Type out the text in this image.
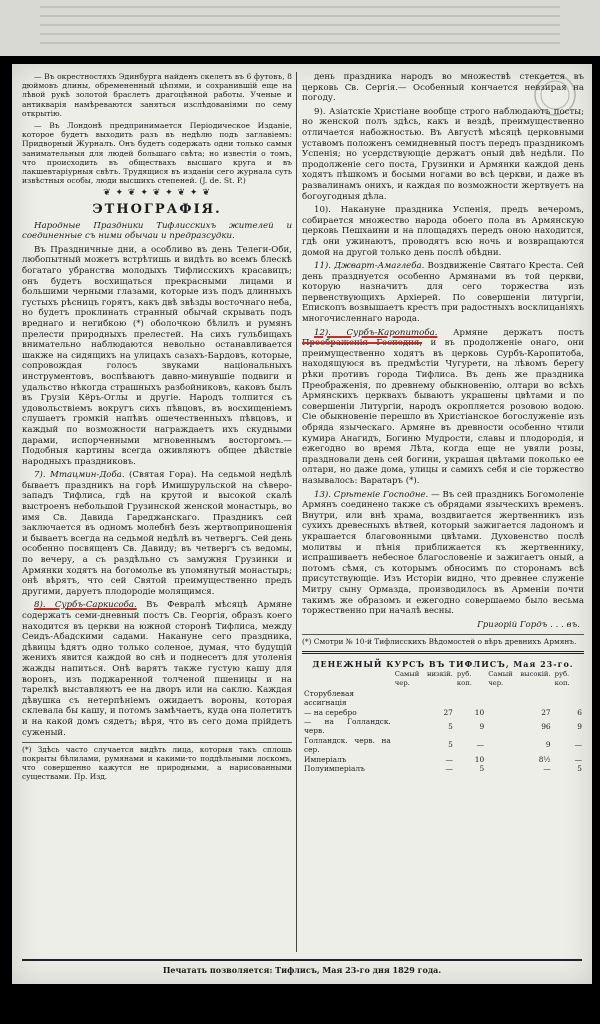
— Въ окрестностяхъ Эдинбурга найденъ скелетъ въ 6 футовъ, 8 дюймовъ длины, обремененный цѣпями, и сохранившій еще на лѣвой рукѣ золотой браслетъ драгоцѣнной работы. Ученые и антикварія намѣреваются заняться изслѣдованіями по сему открытію.

— Въ Лондонѣ предпринимается Періодическое Изданіе, которое будетъ выходить разъ въ недѣлю подъ заглавіемъ: Придворный Журналъ. Онъ будетъ содержать одни только самыя занимательныя для людей большаго свѣта; но известія о томъ, что происходить въ обществахъ высшаго круга и въ лакшевтаріурныя свѣтъ. Трудящися въ изданіи сего журнала суть извѣстныя особы, люди высшихъ степеней. (J. de. St. P.)

❦ ✦ ❦ ✦ ❦ ✦ ❦ ✦ ❦
ЭТНОГРАФІЯ.

Народные Праздники Тифлисскихъ жителей и соединенные съ ними обычаи и предразсудки.

Въ Праздничные дни, а особливо въ день Телеги-Оби, любопытный можетъ встрѣтишь и видѣть во всемъ блескѣ богатаго убранства молодыхъ Тифлисскихъ красавицъ; онъ будетъ восхищаться прекрасными лицами и большими черными глазами, которые изъ подъ длинныхъ густыхъ рѣсницъ горятъ, какъ двѣ звѣзды восточнаго неба, но будетъ проклинать странный обычай скрывать подъ вреднаго и негибкою (*) оболочкою бѣлилъ и румянъ прелести природныхъ прелестей. На сихъ гульбищахъ внимательно наблюдаются невольно останавливается шакже на сидящихъ на улицахъ сазахъ-Бардовъ, которые, сопровождая голосъ звуками національныхъ инструментовъ, воспѣваютъ давно-минувшіе подвиги и удальство нѣкогда страшныхъ разбойниковъ, каковъ былъ въ Грузіи Кёръ-Оглы и другіе. Народъ толпится съ удовольствіемъ вокругъ сихъ пѣвцовъ, въ восхищеніемъ слушаетъ громкій напѣвъ ошечественныхъ пѣвцовъ, и каждый по возможности награждаетъ ихъ скудными дарами, испорченными мгновеннымъ восторгомъ.— Подобныя картины всегда оживляютъ общее дѣйствіе народныхъ праздниковъ.

7). Мтацмин-Доба. (Святая Гора). На седьмой недѣлѣ бываетъ праздникъ на горѣ Имишурульской на сѣверо-западъ Тифлиса, гдѣ на крутой и высокой скалѣ выстроенъ небольшой Грузинской женской монастырь, во имя Св. Давида Гареджанскаго. Праздникъ сей заключается въ одномъ молебнѣ безъ жертвоприношенія и бываетъ всегда на седьмой недѣлѣ въ четвергъ. Сей день особенно посвященъ Св. Давиду; въ четвергъ съ ведомы, по вечеру, а съ раздѣльно съ замужня Грузинки и Армянки ходятъ на богомолье въ упомянутый монастырь; онѣ вѣрятъ, что сей Святой преимущественно предъ другими, даруетъ плодородіе молящимся.

8). Сурбъ-Саркисоба. Въ Февралѣ мѣсяцѣ Армяне содержатъ семи-дневный постъ Св. Георгія, образъ коего находится въ церкви на южной сторонѣ Тифлиса, между Сеидъ-Абадскими садами. Накануне сего праздника, дѣвицы ѣдятъ одно только соленое, думая, что будущій женихъ явится каждой во снѣ и поднесетъ для утоленія жажды напиться. Онѣ варятъ также густую кашу для воронъ, изъ поджаренной толченой пшеницы и на тарелкѣ выставляютъ ее на дворъ или на саклю. Каждая дѣвушка съ нетерпѣніемъ ожидаетъ вороны, которая склевала бы кашу, и потомъ замѣчаетъ, куда она полетитъ и на какой домъ сядетъ; вѣря, что въ сего дома прійдетъ суженый.

(*) Здѣсь часто случается видѣть лица, которыя такъ сплошь покрыты бѣлилами, румянами и какими-то поддѣльными лоскомъ, что совершенно кажутся не природными, а нарисованными существами. Пр. Изд.

день праздника народъ во множествѣ стекается въ церковь Св. Сергія.— Особенный кончается невзирая на погоду.

9). Азіатскіе Христіане вообще строго наблюдаютъ посты; но женской полъ здѣсь, какъ и вездѣ, преимущественно отличается набожностью. Въ Августѣ мѣсяцѣ церковными уставомъ положенъ семидневный постъ передъ праздникомъ Успенія; но усердствующіе держатъ оный двѣ недѣли. По продолженіе сего поста, Грузинки и Армянки каждой день ходятъ пѣшкомъ и босыми ногами во всѣ церкви, и даже въ развалинамъ онихъ, и каждая по возможности жертвуетъ на богоугодныя дѣла.

10). Накануне праздника Успенія, предъ вечеромъ, собирается множество народа обоего пола въ Армянскую церковь Пешхаини и на площадяхъ передъ оною находится, гдѣ они ужинаютъ, проводятъ всю ночь и возвращаются домой на другой только день послѣ обѣдни.

11). Джварт-Амаглеба. Воздвиженіе Святаго Креста. Сей день празднуется особенно Армянами въ той церкви, которую назначитъ для сего торжества изъ первенствующихъ Архіерей. По совершеніи литургіи, Епископъ возвышаетъ крестъ при радостныхъ восклицаніяхъ многочисленнаго народа.

12). Сурбъ-Каропитоба. Армяне держатъ постъ Преображенія Господня, и въ продолженіе онаго, они преимущественно ходятъ въ церковь Сурбъ-Каропитоба, находящуюся въ предмѣстіи Чугурети, на лѣвомъ берегу рѣки противъ города Тифлиса. Въ день же праздника Преображенія, по древнему обыкновенію, олтари во всѣхъ Армянскихъ церквахъ бываютъ украшены цвѣтами и по совершеніи Литургіи, народъ окропляется розовою водою. Сіе обыкновеніе перешло въ Христіанское богослуженіе изъ обряда языческаго. Армяне въ древности особенно чтили кумира Анагидъ, Богиню Мудрости, славы и плодородія, и ежегодно во время Лѣта, когда еще не увяли розы, праздновали день сей богини, украшая цвѣтами поколько ее олтари, но даже дома, улицы и самихъ себя и сіе торжество называлось: Варатаръ (*).

13). Срѣтеніе Господне. — Въ сей праздникъ Богомоленіе Армянъ соединено также съ обрядами языческихъ временъ. Внутри, или внѣ храма, воздвигается жертвенникъ изъ сухихъ древесныхъ вѣтвей, который зажигается ладономъ и украшается благовонными цвѣтами. Духовенство послѣ молитвы и пѣнія приближается къ жертвеннику, испрашиваетъ небесное благословеніе и зажигаетъ оный, а потомъ сѣмя, съ которымъ обносимъ по сторонамъ всѣ присутствующіе. Изъ Исторіи видно, что древнее служеніе Митру сыну Ормазда, производилось въ Арменіи почти такимъ же образомъ и ежегодно совершаемо было весьма торжественно при началѣ весны.

Григорій Гордъ . . . въ.
(*) Смотри № 10-й Тифлисскихъ Вѣдомостей о вѣръ древнихъ Армянъ.
ДЕНЕЖНЫЙ КУРСЪ ВЪ ТИФЛИСЪ, Мая 23-го.
	Самый низкій. чер.	руб. коп.	Самый высокій. чер.	руб. коп.
Сторублевая ассигнація				
— на серебро	27	10	27	6
— на Голландск. черв.	5	9	96	9
Голландск. черв. на сер.	5	—	9	—
Имперіалъ	—	10	8½	—
Полуимперіалъ	—	5	—	5
Печатать позволяется: Тифлисъ, Мая 23-го дня 1829 года.
